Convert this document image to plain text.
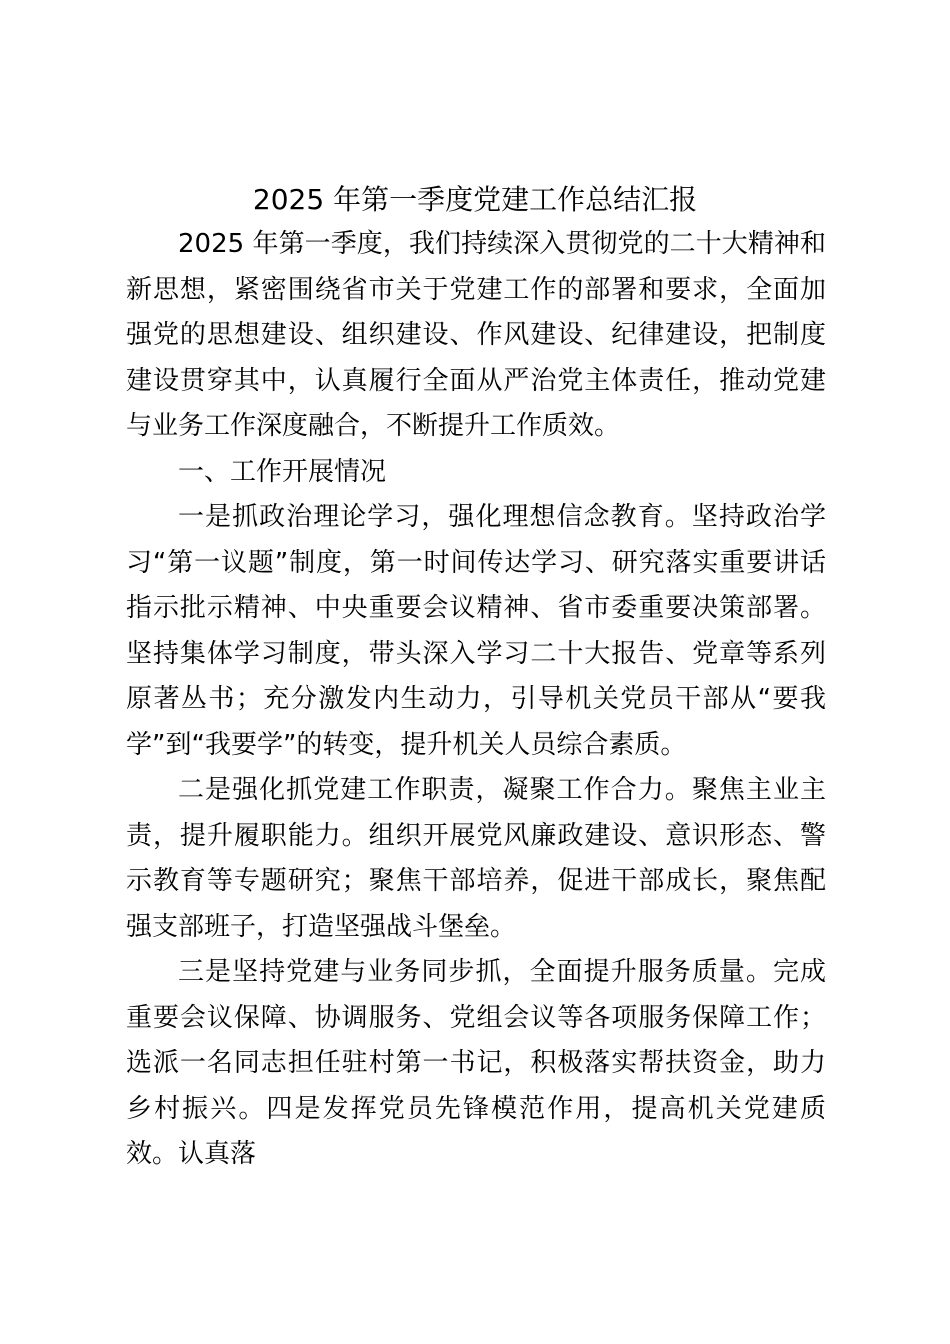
2025 年第一季度党建工作总结汇报

2025 年第一季度，我们持续深入贯彻党的二十大精神和新思想，紧密围绕省市关于党建工作的部署和要求，全面加强党的思想建设、组织建设、作风建设、纪律建设，把制度建设贯穿其中，认真履行全面从严治党主体责任，推动党建与业务工作深度融合，不断提升工作质效。

一、工作开展情况

一是抓政治理论学习，强化理想信念教育。坚持政治学习“第一议题”制度，第一时间传达学习、研究落实重要讲话指示批示精神、中央重要会议精神、省市委重要决策部署。坚持集体学习制度，带头深入学习二十大报告、党章等系列原著丛书；充分激发内生动力，引导机关党员干部从“要我学”到“我要学”的转变，提升机关人员综合素质。

二是强化抓党建工作职责，凝聚工作合力。聚焦主业主责，提升履职能力。组织开展党风廉政建设、意识形态、警示教育等专题研究；聚焦干部培养，促进干部成长，聚焦配强支部班子，打造坚强战斗堡垒。

三是坚持党建与业务同步抓，全面提升服务质量。完成重要会议保障、协调服务、党组会议等各项服务保障工作；选派一名同志担任驻村第一书记，积极落实帮扶资金，助力乡村振兴。四是发挥党员先锋模范作用，提高机关党建质效。认真落
